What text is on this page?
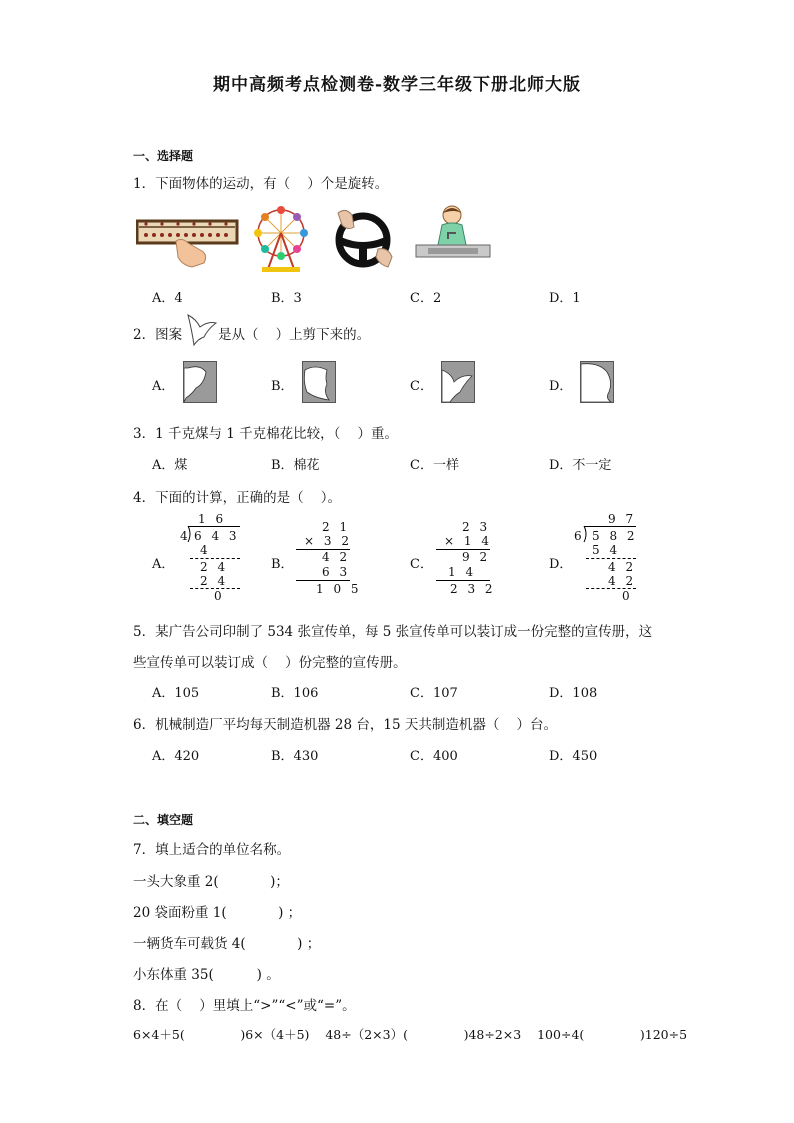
期中高频考点检测卷-数学三年级下册北师大版
一、选择题
1．下面物体的运动，有（    ）个是旋转。
A．4	B．3	C．2	D．1
2．图案	是从（    ）上剪下来的。
A．	B．	C．	D．
3．1 千克煤与 1 千克棉花比较，（    ）重。
A．煤	B．棉花	C．一样	D．不一定
4．下面的计算，正确的是（    ）。
A．
1 6
4 6 4 3
4
2 4
2 4
0
B．
2 1
× 3 2
4 2
6 3
1 0 5
C．
2 3
× 1 4
9 2
1 4
2 3 2
D．
9 7
6 5 8 2
5 4
4 2
4 2
0
5．某广告公司印制了 534 张宣传单，每 5 张宣传单可以装订成一份完整的宣传册，这
些宣传单可以装订成（    ）份完整的宣传册。
A．105	B．106	C．107	D．108
6．机械制造厂平均每天制造机器 28 台，15 天共制造机器（    ）台。
A．420	B．430	C．400	D．450
二、填空题
7．填上适合的单位名称。
一头大象重 2(            )；
20 袋面粉重 1(            ) ；
一辆货车可载货 4(            ) ；
小东体重 35(          ) 。
8．在（    ）里填上“>”“<”或“=”。
6×4＋5(              )6×（4＋5)    48÷（2×3）(              )48÷2×3    100÷4(              )120÷5
